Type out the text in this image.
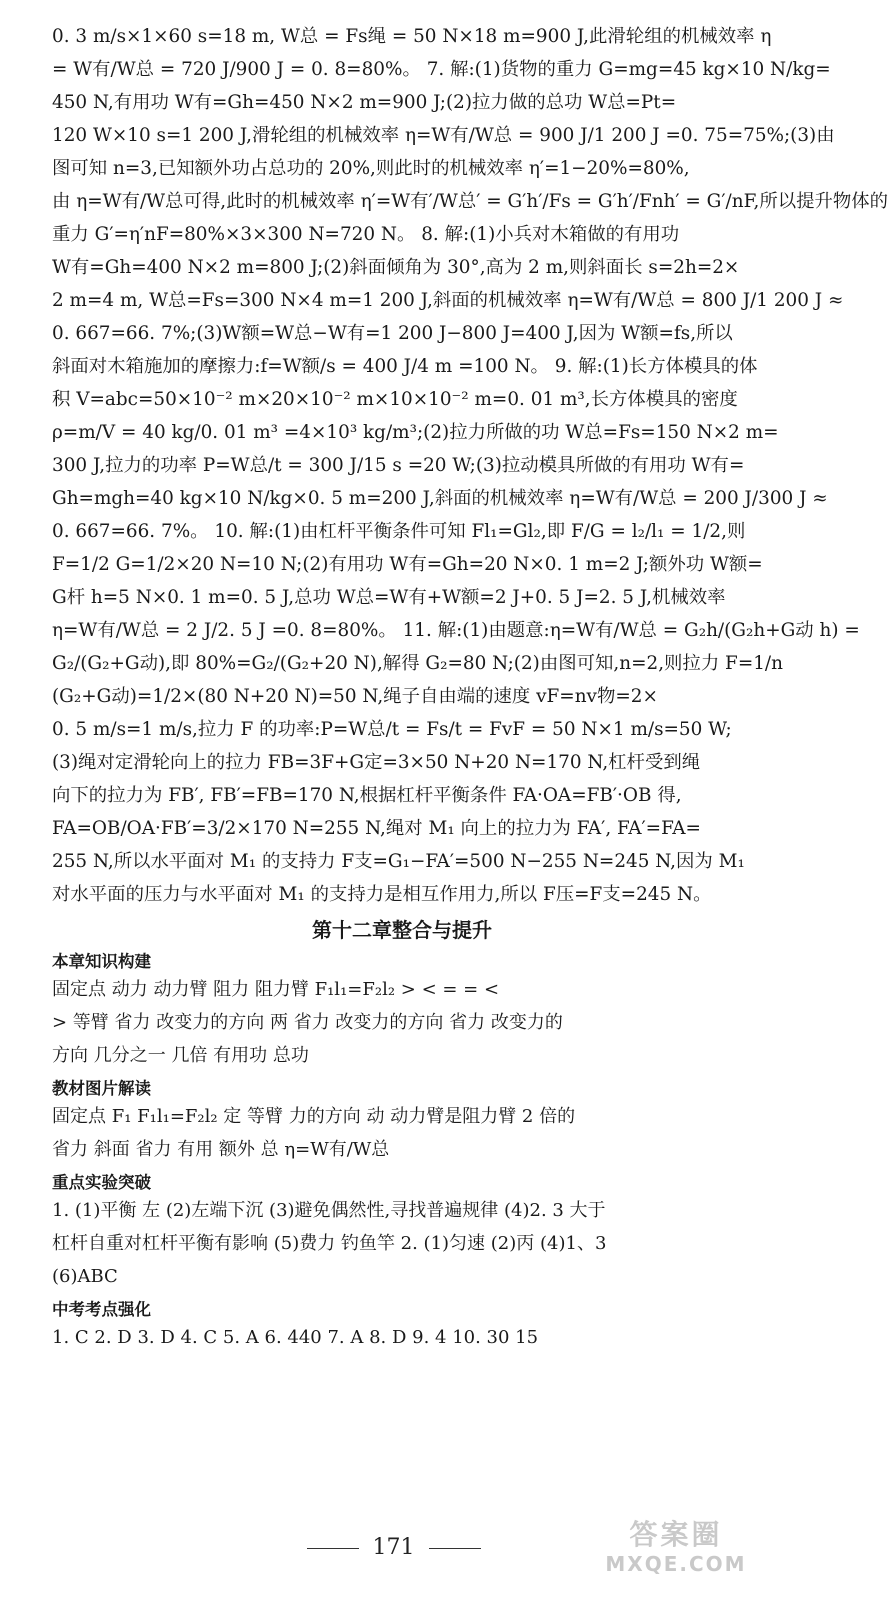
0. 3 m/s×1×60 s=18 m, W总 = Fs绳 = 50 N×18 m=900 J,此滑轮组的机械效率 η
= W有/W总 = 720 J/900 J = 0. 8=80%。 7. 解:(1)货物的重力 G=mg=45 kg×10 N/kg=
450 N,有用功 W有=Gh=450 N×2 m=900 J;(2)拉力做的总功 W总=Pt=
120 W×10 s=1 200 J,滑轮组的机械效率 η=W有/W总 = 900 J/1 200 J =0. 75=75%;(3)由
图可知 n=3,已知额外功占总功的 20%,则此时的机械效率 η′=1−20%=80%,
由 η=W有/W总可得,此时的机械效率 η′=W有′/W总′ = G′h′/Fs = G′h′/Fnh′ = G′/nF,所以提升物体的
重力 G′=η′nF=80%×3×300 N=720 N。 8. 解:(1)小兵对木箱做的有用功
W有=Gh=400 N×2 m=800 J;(2)斜面倾角为 30°,高为 2 m,则斜面长 s=2h=2×
2 m=4 m, W总=Fs=300 N×4 m=1 200 J,斜面的机械效率 η=W有/W总 = 800 J/1 200 J ≈
0. 667=66. 7%;(3)W额=W总−W有=1 200 J−800 J=400 J,因为 W额=fs,所以
斜面对木箱施加的摩擦力:f=W额/s = 400 J/4 m =100 N。 9. 解:(1)长方体模具的体
积 V=abc=50×10⁻² m×20×10⁻² m×10×10⁻² m=0. 01 m³,长方体模具的密度
ρ=m/V = 40 kg/0. 01 m³ =4×10³ kg/m³;(2)拉力所做的功 W总=Fs=150 N×2 m=
300 J,拉力的功率 P=W总/t = 300 J/15 s =20 W;(3)拉动模具所做的有用功 W有=
Gh=mgh=40 kg×10 N/kg×0. 5 m=200 J,斜面的机械效率 η=W有/W总 = 200 J/300 J ≈
0. 667=66. 7%。 10. 解:(1)由杠杆平衡条件可知 Fl₁=Gl₂,即 F/G = l₂/l₁ = 1/2,则
F=1/2 G=1/2×20 N=10 N;(2)有用功 W有=Gh=20 N×0. 1 m=2 J;额外功 W额=
G杆 h=5 N×0. 1 m=0. 5 J,总功 W总=W有+W额=2 J+0. 5 J=2. 5 J,机械效率
η=W有/W总 = 2 J/2. 5 J =0. 8=80%。 11. 解:(1)由题意:η=W有/W总 = G₂h/(G₂h+G动 h) =
G₂/(G₂+G动),即 80%=G₂/(G₂+20 N),解得 G₂=80 N;(2)由图可知,n=2,则拉力 F=1/n
(G₂+G动)=1/2×(80 N+20 N)=50 N,绳子自由端的速度 vF=nv物=2×
0. 5 m/s=1 m/s,拉力 F 的功率:P=W总/t = Fs/t = FvF = 50 N×1 m/s=50 W;
(3)绳对定滑轮向上的拉力 FB=3F+G定=3×50 N+20 N=170 N,杠杆受到绳
向下的拉力为 FB′, FB′=FB=170 N,根据杠杆平衡条件 FA·OA=FB′·OB 得,
FA=OB/OA·FB′=3/2×170 N=255 N,绳对 M₁ 向上的拉力为 FA′, FA′=FA=
255 N,所以水平面对 M₁ 的支持力 F支=G₁−FA′=500 N−255 N=245 N,因为 M₁
对水平面的压力与水平面对 M₁ 的支持力是相互作用力,所以 F压=F支=245 N。
第十二章整合与提升
本章知识构建
固定点 动力 动力臂 阻力 阻力臂 F₁l₁=F₂l₂ > < = = <
> 等臂 省力 改变力的方向 两 省力 改变力的方向 省力 改变力的
方向 几分之一 几倍 有用功 总功
教材图片解读
固定点 F₁ F₁l₁=F₂l₂ 定 等臂 力的方向 动 动力臂是阻力臂 2 倍的
省力 斜面 省力 有用 额外 总 η=W有/W总
重点实验突破
1. (1)平衡 左 (2)左端下沉 (3)避免偶然性,寻找普遍规律 (4)2. 3 大于
杠杆自重对杠杆平衡有影响 (5)费力 钓鱼竿 2. (1)匀速 (2)丙 (4)1、3
(6)ABC
中考考点强化
1. C 2. D 3. D 4. C 5. A 6. 440 7. A 8. D 9. 4 10. 30 15
171	答案圈
MXQE.COM
